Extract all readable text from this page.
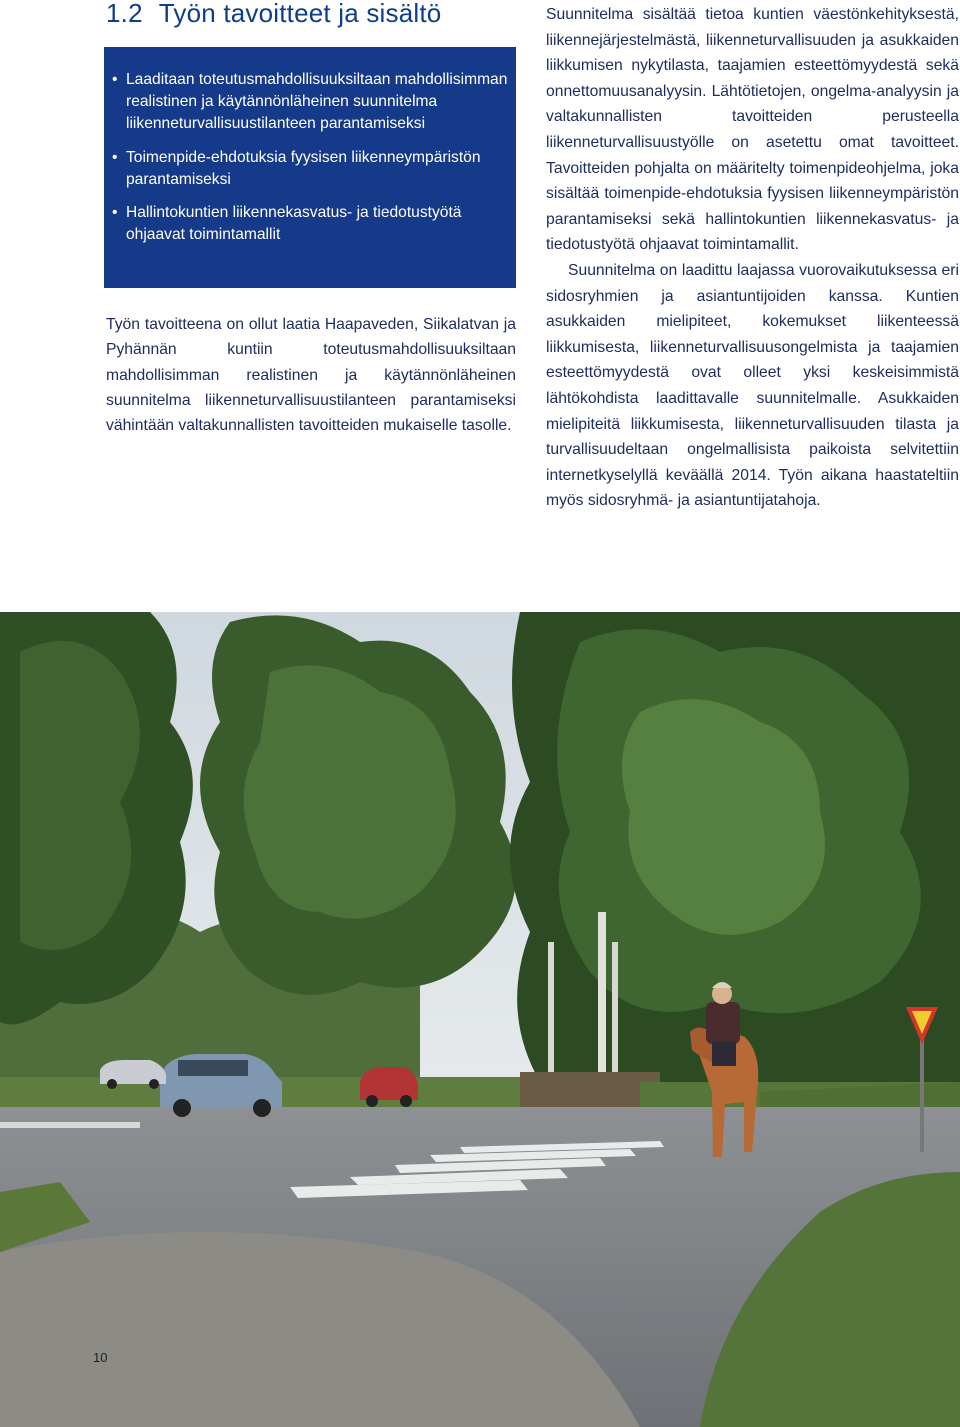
1.2 Työn tavoitteet ja sisältö
• Laaditaan toteutusmahdollisuuksiltaan mahdollisimman realistinen ja käytännönläheinen suunnitelma liikenneturvallisuustilanteen parantamiseksi
• Toimenpide-ehdotuksia fyysisen liikenneympäristön parantamiseksi
• Hallintokuntien liikennekasvatus- ja tiedotustyötä ohjaavat toimintamallit

Työn tavoitteena on ollut laatia Haapaveden, Siikalatvan ja Pyhännän kuntiin toteutusmahdollisuuksiltaan mahdollisimman realistinen ja käytännönläheinen suunnitelma liikenneturvallisuustilanteen parantamiseksi vähintään valtakunnallisten tavoitteiden mukaiselle tasolle.

Suunnitelma sisältää tietoa kuntien väestönkehityksestä, liikennejärjestelmästä, liikenneturvallisuuden ja asukkaiden liikkumisen nykytilasta, taajamien esteettömyydestä sekä onnettomuusanalyysin. Lähtötietojen, ongelma-analyysin ja valtakunnallisten tavoitteiden perusteella liikenneturvallisuustyölle on asetettu omat tavoitteet. Tavoitteiden pohjalta on määritelty toimenpideohjelma, joka sisältää toimenpide-ehdotuksia fyysisen liikenneympäristön parantamiseksi sekä hallintokuntien liikennekasvatus- ja tiedotustyötä ohjaavat toimintamallit.

Suunnitelma on laadittu laajassa vuorovaikutuksessa eri sidosryhmien ja asiantuntijoiden kanssa. Kuntien asukkaiden mielipiteet, kokemukset liikenteessä liikkumisesta, liikenneturvallisuusongelmista ja taajamien esteettömyydestä ovat olleet yksi keskeisimmistä lähtökohdista laadittavalle suunnitelmalle. Asukkaiden mielipiteitä liikkumisesta, liikenneturvallisuuden tilasta ja turvallisuudeltaan ongelmallisista paikoista selvitettiin internetkyselyllä keväällä 2014. Työn aikana haastateltiin myös sidosryhmä- ja asiantuntijatahoja.

10
